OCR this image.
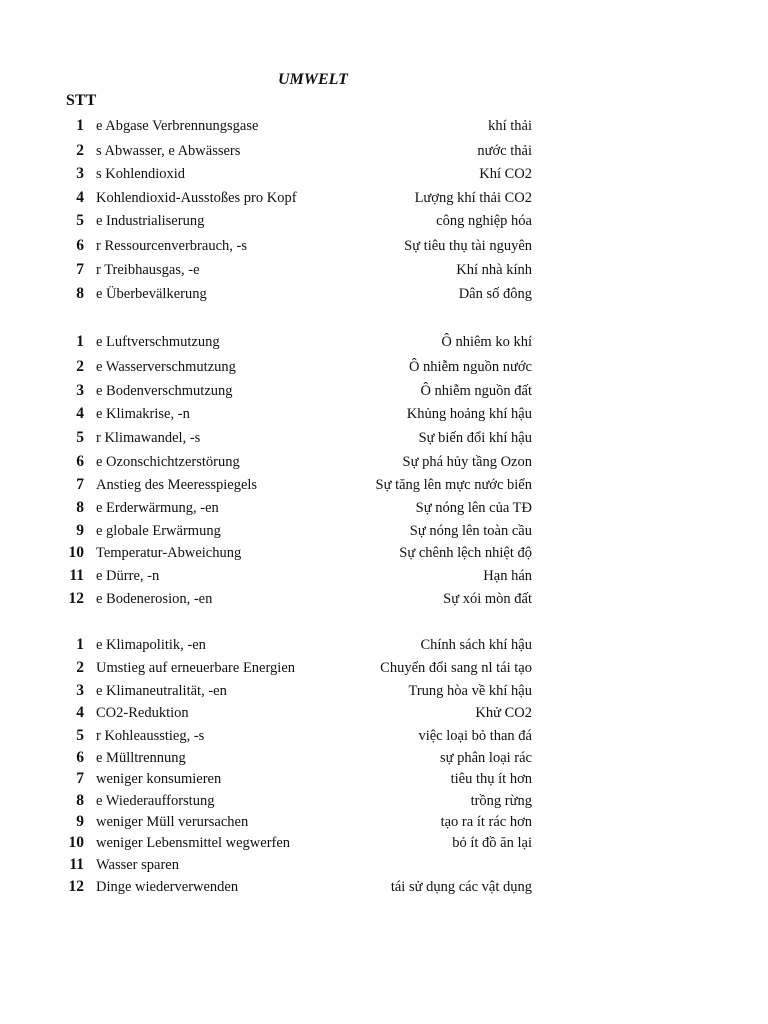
UMWELT
STT
1 e Abgase Verbrennungsgase	khí thải
2 s Abwasser, e Abwässers	nước thải
3 s Kohlendioxid	Khí CO2
4 Kohlendioxid-Ausstoßes pro Kopf	Lượng khí thải CO2
5 e Industrialiserung	công nghiệp hóa
6 r Ressourcenverbrauch, -s	Sự tiêu thụ tài nguyên
7 r Treibhausgas, -e	Khí nhà kính
8 e Überbevälkerung	Dân số đông
1 e Luftverschmutzung	Ô nhiêm ko khí
2 e Wasserverschmutzung	Ô nhiễm nguồn nước
3 e Bodenverschmutzung	Ô nhiễm nguồn đất
4 e Klimakrise, -n	Khủng hoảng khí hậu
5 r Klimawandel, -s	Sự biến đổi khí hậu
6 e Ozonschichtzerstörung	Sự phá hủy tầng Ozon
7 Anstieg des Meeresspiegels	Sự tăng lên mực nước biển
8 e Erderwärmung, -en	Sự nóng lên của TĐ
9 e globale Erwärmung	Sự nóng lên toàn cầu
10 Temperatur-Abweichung	Sự chênh lệch nhiệt độ
11 e Dürre, -n	Hạn hán
12 e Bodenerosion, -en	Sự xói mòn đất
1 e Klimapolitik, -en	Chính sách khí hậu
2 Umstieg auf erneuerbare Energien	Chuyển đổi sang nl tái tạo
3 e Klimaneutralität, -en	Trung hòa về khí hậu
4 CO2-Reduktion	Khử CO2
5 r Kohleausstieg, -s	việc loại bỏ than đá
6 e Mülltrennung	sự phân loại rác
7 weniger konsumieren	tiêu thụ ít hơn
8 e Wiederaufforstung	trồng rừng
9 weniger Müll verursachen	tạo ra ít rác hơn
10 weniger Lebensmittel wegwerfen	bỏ ít đồ ăn lại
11 Wasser sparen
12 Dinge wiederverwenden	tái sử dụng các vật dụng
